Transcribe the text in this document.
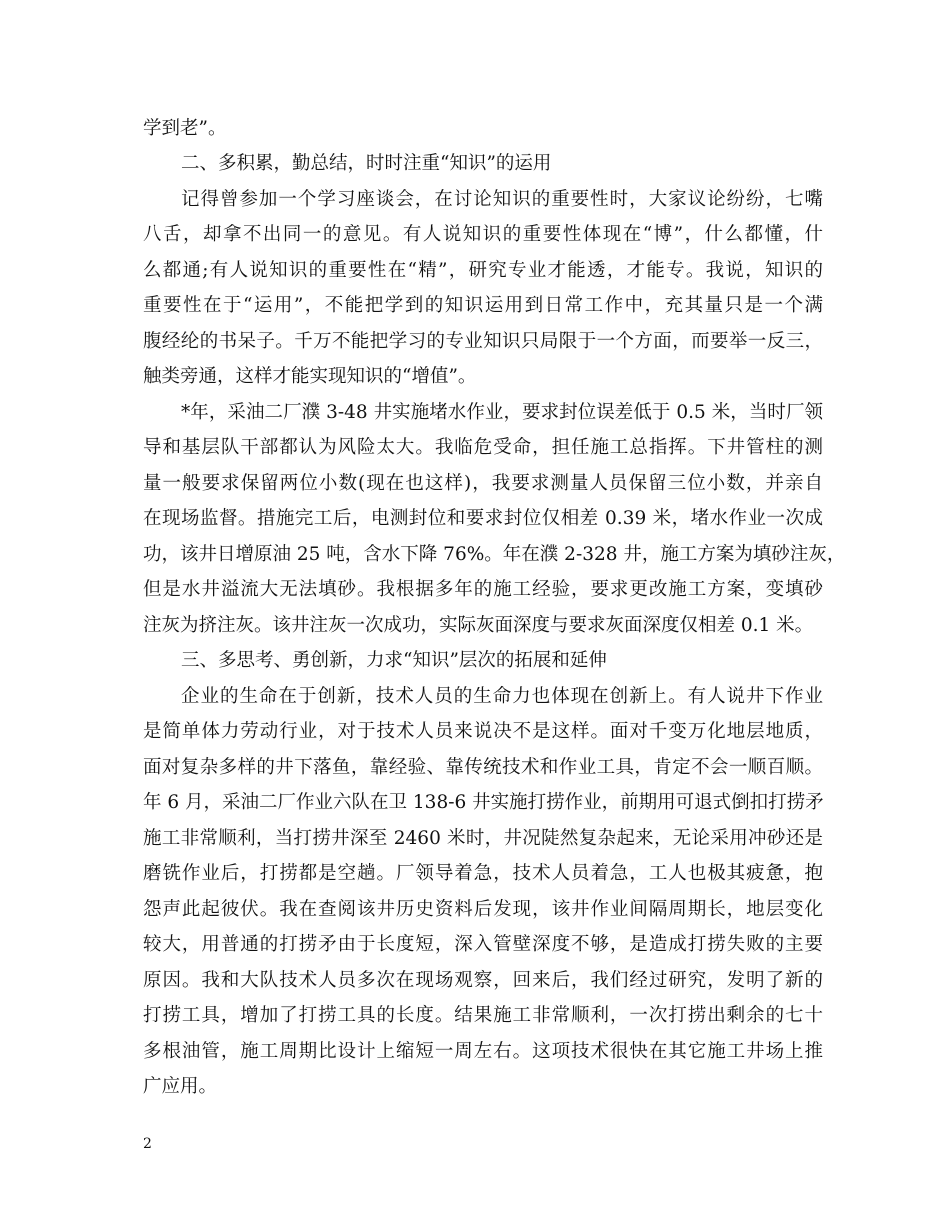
学到老”。
二、多积累，勤总结，时时注重“知识”的运用
记得曾参加一个学习座谈会，在讨论知识的重要性时，大家议论纷纷，七嘴
八舌，却拿不出同一的意见。有人说知识的重要性体现在“博”，什么都懂，什
么都通;有人说知识的重要性在“精”，研究专业才能透，才能专。我说，知识的
重要性在于“运用”，不能把学到的知识运用到日常工作中，充其量只是一个满
腹经纶的书呆子。千万不能把学习的专业知识只局限于一个方面，而要举一反三，
触类旁通，这样才能实现知识的“增值”。
*年，采油二厂濮 3-48 井实施堵水作业，要求封位误差低于 0.5 米，当时厂领
导和基层队干部都认为风险太大。我临危受命，担任施工总指挥。下井管柱的测
量一般要求保留两位小数(现在也这样)，我要求测量人员保留三位小数，并亲自
在现场监督。措施完工后，电测封位和要求封位仅相差 0.39 米，堵水作业一次成
功，该井日增原油 25 吨，含水下降 76%。年在濮 2-328 井，施工方案为填砂注灰，
但是水井溢流大无法填砂。我根据多年的施工经验，要求更改施工方案，变填砂
注灰为挤注灰。该井注灰一次成功，实际灰面深度与要求灰面深度仅相差 0.1 米。
三、多思考、勇创新，力求“知识”层次的拓展和延伸
企业的生命在于创新，技术人员的生命力也体现在创新上。有人说井下作业
是简单体力劳动行业，对于技术人员来说决不是这样。面对千变万化地层地质，
面对复杂多样的井下落鱼，靠经验、靠传统技术和作业工具，肯定不会一顺百顺。
年 6 月，采油二厂作业六队在卫 138-6 井实施打捞作业，前期用可退式倒扣打捞矛
施工非常顺利，当打捞井深至 2460 米时，井况陡然复杂起来，无论采用冲砂还是
磨铣作业后，打捞都是空趟。厂领导着急，技术人员着急，工人也极其疲惫，抱
怨声此起彼伏。我在查阅该井历史资料后发现，该井作业间隔周期长，地层变化
较大，用普通的打捞矛由于长度短，深入管壁深度不够，是造成打捞失败的主要
原因。我和大队技术人员多次在现场观察，回来后，我们经过研究，发明了新的
打捞工具，增加了打捞工具的长度。结果施工非常顺利，一次打捞出剩余的七十
多根油管，施工周期比设计上缩短一周左右。这项技术很快在其它施工井场上推
广应用。
2
